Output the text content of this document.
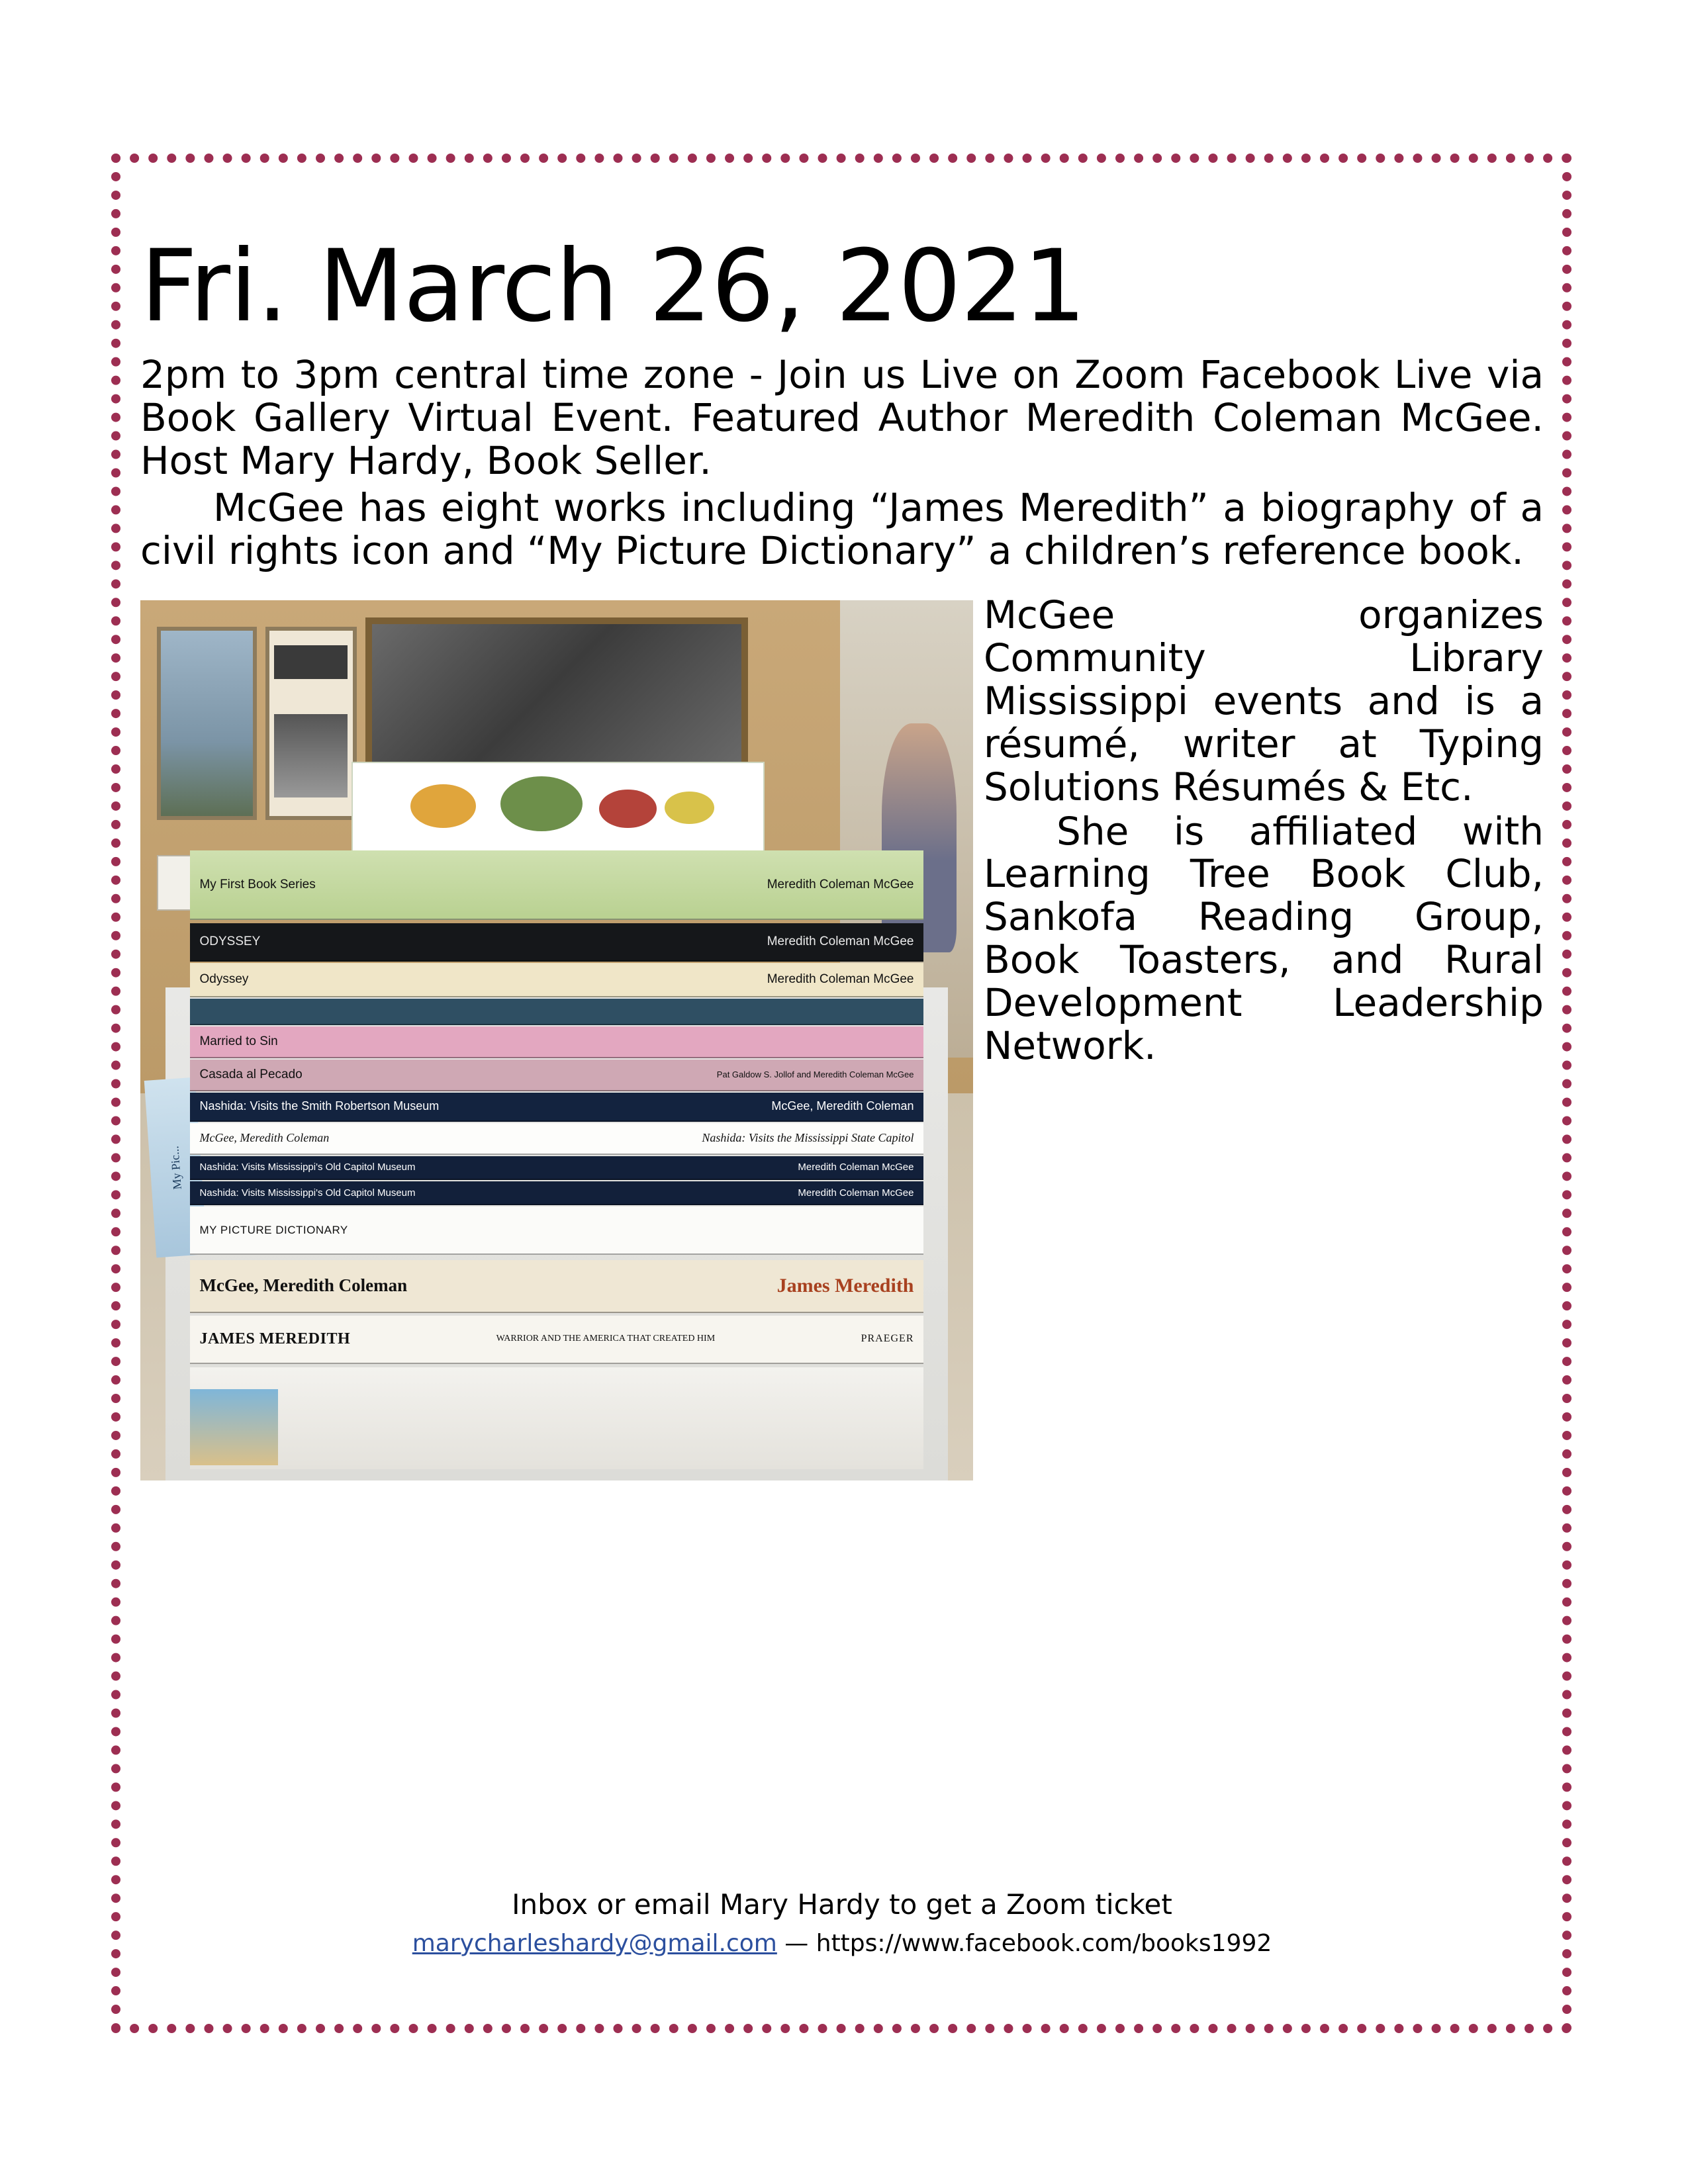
Fri. March 26, 2021

2pm to 3pm central time zone - Join us Live on Zoom Facebook Live via Book Gallery Virtual Event. Featured Author Meredith Coleman McGee. Host Mary Hardy, Book Seller.

McGee has eight works including “James Meredith” a biography of a civil rights icon and “My Picture Dictionary” a children’s reference book.

My Pic...
My First Book Series	Meredith Coleman McGee
ODYSSEY	Meredith Coleman McGee
Odyssey	Meredith Coleman McGee
Married to Sin
Casada al Pecado	Pat Galdow S. Jollof and Meredith Coleman McGee
Nashida: Visits the Smith Robertson Museum	McGee, Meredith Coleman
McGee, Meredith Coleman	Nashida: Visits the Mississippi State Capitol
Nashida: Visits Mississippi's Old Capitol Museum	Meredith Coleman McGee
Nashida: Visits Mississippi's Old Capitol Museum	Meredith Coleman McGee
MY PICTURE DICTIONARY
McGee, Meredith Coleman	James Meredith
JAMES MEREDITH	WARRIOR AND THE AMERICA THAT CREATED HIM	PRAEGER

McGee organizes Community Library Mississippi events and is a résumé, writer at Typing Solutions Résumés & Etc.

She is affiliated with Learning Tree Book Club, Sankofa Reading Group, Book Toasters, and Rural Development Leadership Network.

Inbox or email Mary Hardy to get a Zoom ticket
marycharleshardy@gmail.com — https://www.facebook.com/books1992
